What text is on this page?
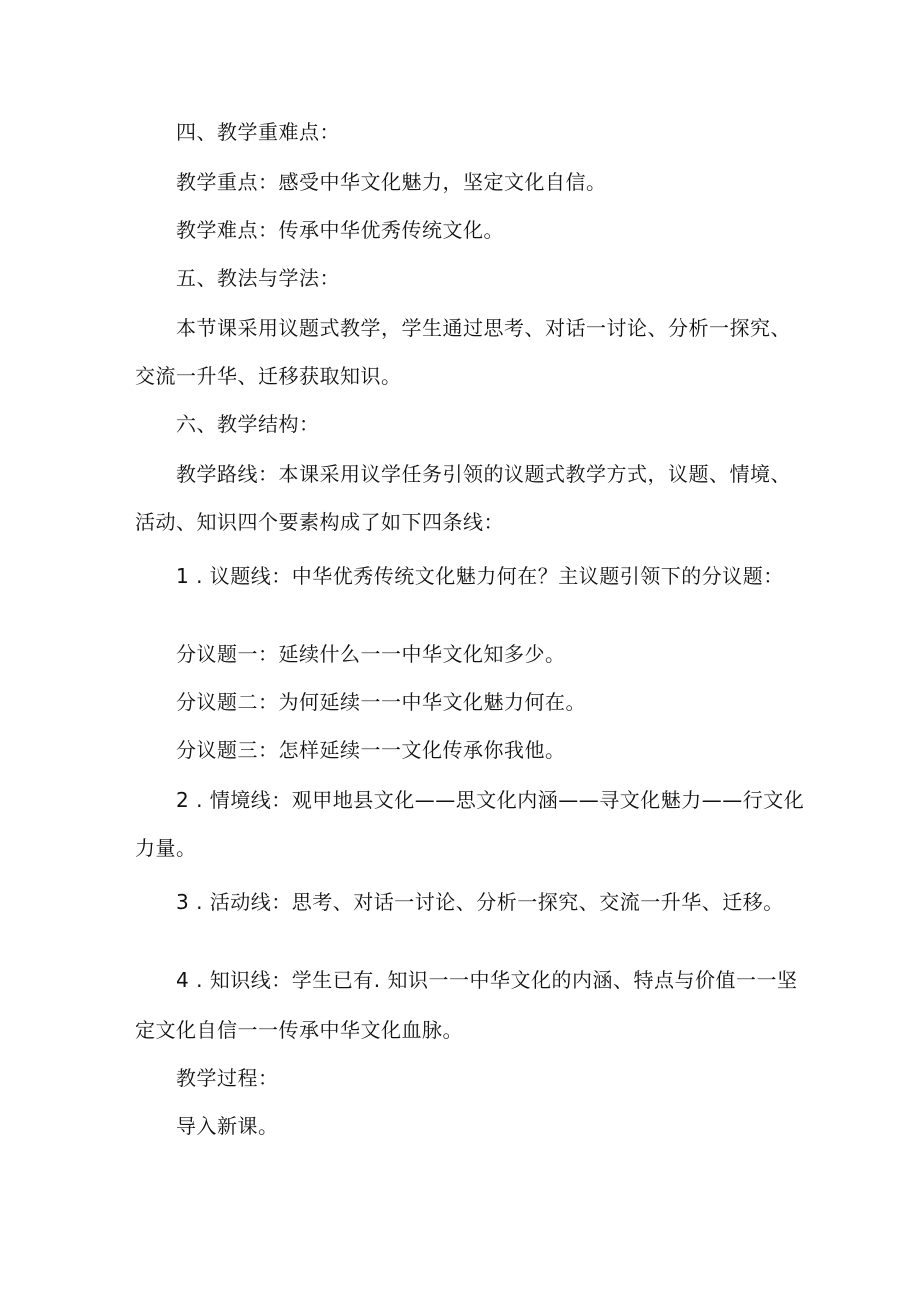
四、教学重难点：
教学重点：感受中华文化魅力，坚定文化自信。
教学难点：传承中华优秀传统文化。
五、教法与学法：
本节课采用议题式教学，学生通过思考、对话一讨论、分析一探究、
交流一升华、迁移获取知识。
六、教学结构：
教学路线：本课采用议学任务引领的议题式教学方式，议题、情境、
活动、知识四个要素构成了如下四条线：
1 . 议题线：中华优秀传统文化魅力何在？主议题引领下的分议题：
分议题一：延续什么一一中华文化知多少。
分议题二：为何延续一一中华文化魅力何在。
分议题三：怎样延续一一文化传承你我他。
2 . 情境线：观甲地县文化——思文化内涵——寻文化魅力——行文化
力量。
3 . 活动线：思考、对话一讨论、分析一探究、交流一升华、迁移。
4 . 知识线：学生已有. 知识一一中华文化的内涵、特点与价值一一坚
定文化自信一一传承中华文化血脉。
教学过程：
导入新课。
